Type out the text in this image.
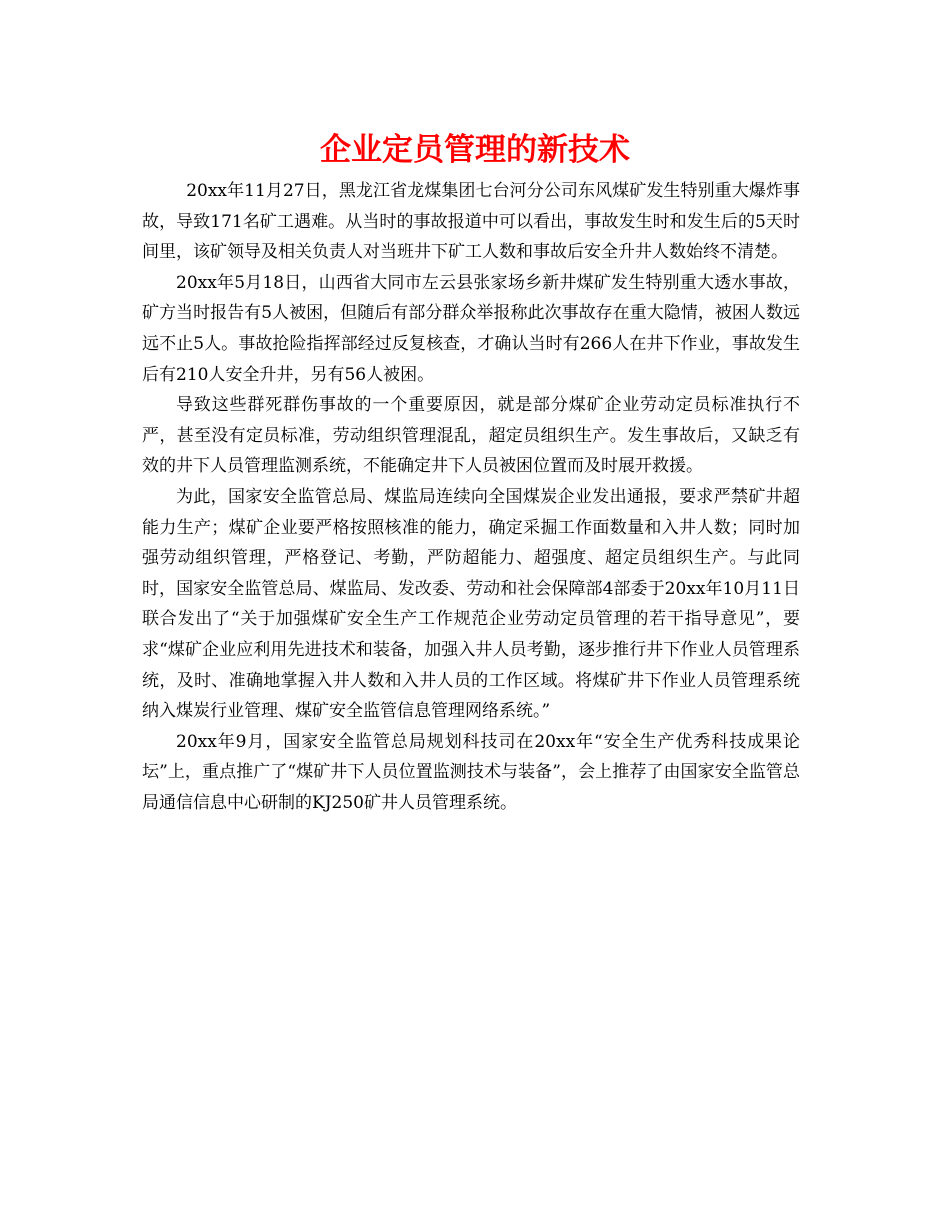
企业定员管理的新技术

20xx年11月27日，黑龙江省龙煤集团七台河分公司东风煤矿发生特别重大爆炸事故，导致171名矿工遇难。从当时的事故报道中可以看出，事故发生时和发生后的5天时间里，该矿领导及相关负责人对当班井下矿工人数和事故后安全升井人数始终不清楚。

20xx年5月18日，山西省大同市左云县张家场乡新井煤矿发生特别重大透水事故，矿方当时报告有5人被困，但随后有部分群众举报称此次事故存在重大隐情，被困人数远远不止5人。事故抢险指挥部经过反复核查，才确认当时有266人在井下作业，事故发生后有210人安全升井，另有56人被困。

导致这些群死群伤事故的一个重要原因，就是部分煤矿企业劳动定员标准执行不严，甚至没有定员标准，劳动组织管理混乱，超定员组织生产。发生事故后，又缺乏有效的井下人员管理监测系统，不能确定井下人员被困位置而及时展开救援。

为此，国家安全监管总局、煤监局连续向全国煤炭企业发出通报，要求严禁矿井超能力生产；煤矿企业要严格按照核准的能力，确定采掘工作面数量和入井人数；同时加强劳动组织管理，严格登记、考勤，严防超能力、超强度、超定员组织生产。与此同时，国家安全监管总局、煤监局、发改委、劳动和社会保障部4部委于20xx年10月11日联合发出了“关于加强煤矿安全生产工作规范企业劳动定员管理的若干指导意见”，要求“煤矿企业应利用先进技术和装备，加强入井人员考勤，逐步推行井下作业人员管理系统，及时、准确地掌握入井人数和入井人员的工作区域。将煤矿井下作业人员管理系统纳入煤炭行业管理、煤矿安全监管信息管理网络系统。”

20xx年9月，国家安全监管总局规划科技司在20xx年“安全生产优秀科技成果论坛”上，重点推广了“煤矿井下人员位置监测技术与装备”，会上推荐了由国家安全监管总局通信信息中心研制的KJ250矿井人员管理系统。
